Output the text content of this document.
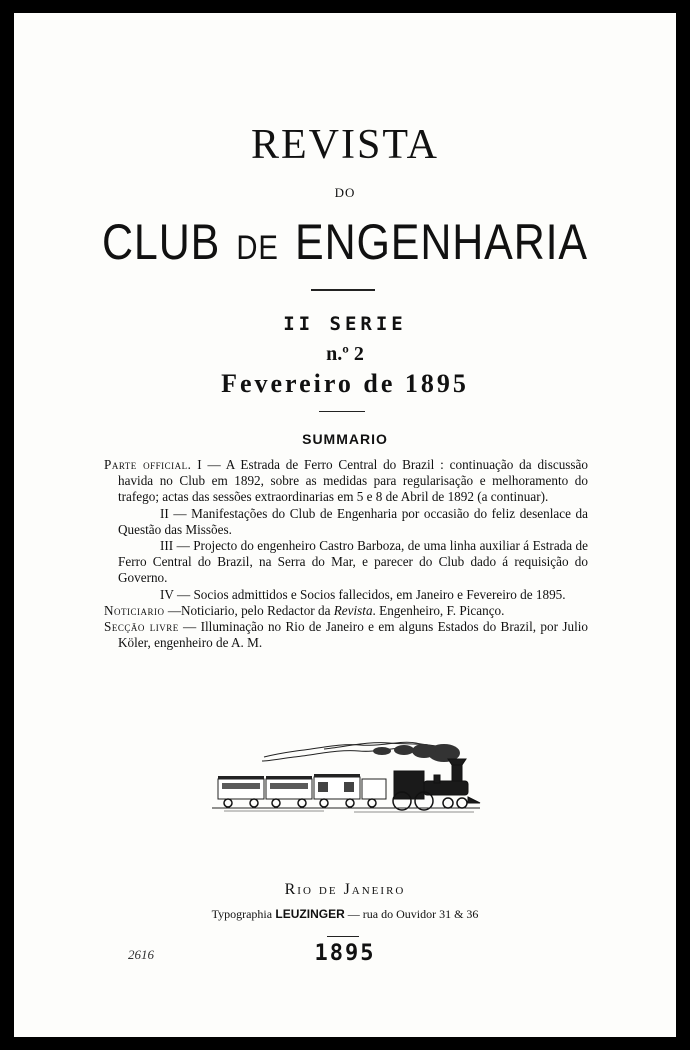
REVISTA
DO
CLUB DE ENGENHARIA
II SERIE
n.º 2
Fevereiro de 1895
SUMMARIO

Parte official. I — A Estrada de Ferro Central do Brazil : continuação da discussão havida no Club em 1892, sobre as medidas para regularisação e melhoramento do trafego; actas das sessões extraordinarias em 5 e 8 de Abril de 1892 (a continuar).

II — Manifestações do Club de Engenharia por occasião do feliz desenlace da Questão das Missões.

III — Projecto do engenheiro Castro Barboza, de uma linha auxiliar á Estrada de Ferro Central do Brazil, na Serra do Mar, e parecer do Club dado á requisição do Governo.

IV — Socios admittidos e Socios fallecidos, em Janeiro e Fevereiro de 1895.

Noticiario —Noticiario, pelo Redactor da Revista. Engenheiro, F. Picanço.

Secção livre — Illuminação no Rio de Janeiro e em alguns Estados do Brazil, por Julio Köler, engenheiro de A. M.

Rio de Janeiro
Typographia LEUZINGER — rua do Ouvidor 31 & 36
1895
2616
